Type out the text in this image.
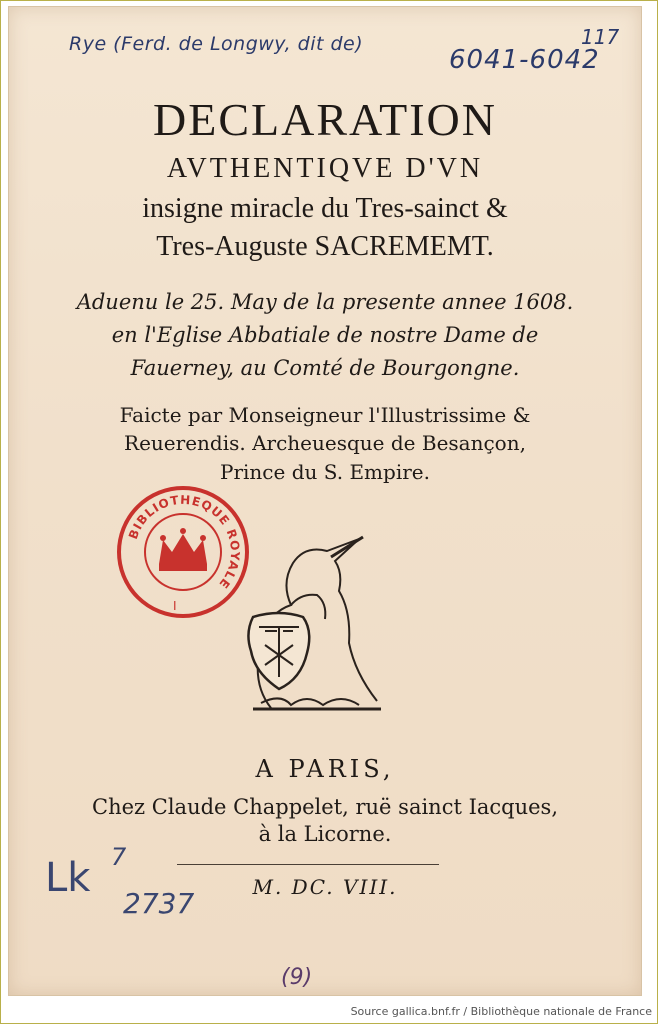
Rye (Ferd. de Longwy, dit de)
6041-6042
117
DECLARATION
AVTHENTIQVE D'VN
insigne miracle du Tres-sainct &
Tres-Auguste SACREMEMT.
Aduenu le 25. May de la presente annee 1608.
en l'Eglise Abbatiale de nostre Dame de
Fauerney, au Comté de Bourgongne.
Faicte par Monseigneur l'Illustrissime &
Reuerendis. Archeuesque de Besançon,
Prince du S. Empire.
BIBLIOTHEQUE ROYALE
I
A PARIS,
Chez Claude Chappelet, ruë sainct Iacques,
à la Licorne.
M. DC. VIII.
Lk 7
2737
(9)
Source gallica.bnf.fr / Bibliothèque nationale de France
